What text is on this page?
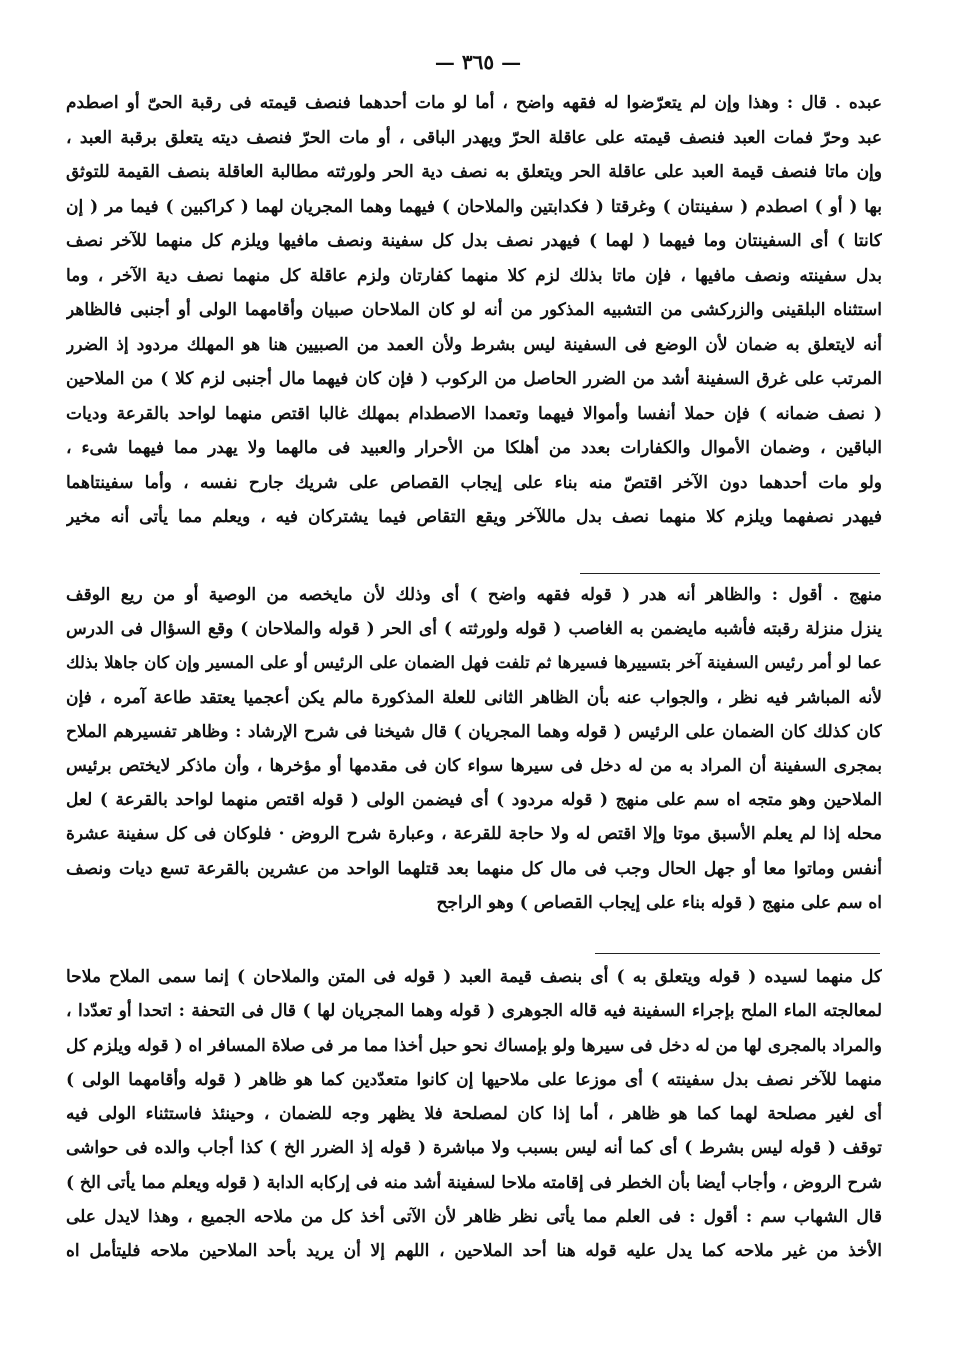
— ٣٦٥ —
عبده . قال : وهذا وإن لم يتعرّضوا له فقهه واضح ، أما لو مات أحدهما فنصف قيمته فى رقبة الحىّ أو اصطدم
عبد وحرّ فمات العبد فنصف قيمته على عاقلة الحرّ ويهدر الباقى ، أو مات الحرّ فنصف ديته يتعلق برقبة العبد ،
وإن ماتا فنصف قيمة العبد على عاقلة الحر ويتعلق به نصف دية الحر ولورثته مطالبة العاقلة بنصف القيمة للتوثق
بها ( أو ) اصطدم ( سفينتان ) وغرقتا ( فكدابتين والملاحان ) فيهما وهما المجريان لهما ( كراكبين ) فيما مر ( إن
كانتا ) أى السفينتان وما فيهما ( لهما ) فيهدر نصف بدل كل سفينة ونصف مافيها ويلزم كل منهما للآخر نصف
بدل سفينته ونصف مافيها ، فإن ماتا بذلك لزم كلا منهما كفارتان ولزم عاقلة كل منهما نصف دية الآخر ، وما
استثناه البلقينى والزركشى من التشبيه المذكور من أنه لو كان الملاحان صبيان وأقامهما الولى أو أجنبى فالظاهر
أنه لايتعلق به ضمان لأن الوضع فى السفينة ليس بشرط ولأن العمد من الصبيين هنا هو المهلك مردود إذ الضرر
المرتب على غرق السفينة أشد من الضرر الحاصل من الركوب ( فإن كان فيهما مال أجنبى لزم كلا ) من الملاحين
( نصف ضمانه ) فإن حملا أنفسا وأموالا فيهما وتعمدا الاصطدام بمهلك غالبا اقتص منهما لواحد بالقرعة وديات
الباقين ، وضمان الأموال والكفارات بعدد من أهلكا من الأحرار والعبيد فى مالهما ولا يهدر مما فيهما شىء ،
ولو مات أحدهما دون الآخر اقتصّ منه بناء على إيجاب القصاص على شريك جارح نفسه ، وأما سفينتاهما
فيهدر نصفهما ويلزم كلا منهما نصف بدل ماللآخر ويقع التقاص فيما يشتركان فيه ، ويعلم مما يأتى أنه مخير
منهج . أقول : والظاهر أنه هدر ( قوله فقهه واضح ) أى وذلك لأن مايخصه من الوصية أو من ريع الوقف
ينزل منزلة رقبته فأشبه مايضمن به الغاصب ( قوله ولورثته ) أى الحر ( قوله والملاحان ) وقع السؤال فى الدرس
عما لو أمر رئيس السفينة آخر بتسييرها فسيرها ثم تلفت فهل الضمان على الرئيس أو على المسير وإن كان جاهلا بذلك
لأنه المباشر فيه نظر ، والجواب عنه بأن الظاهر الثانى للعلة المذكورة مالم يكن أعجميا يعتقد طاعة آمره ، فإن
كان كذلك كان الضمان على الرئيس ( قوله وهما المجريان ) قال شيخنا فى شرح الإرشاد : وظاهر تفسيرهم الملاح
بمجرى السفينة أن المراد به من له دخل فى سيرها سواء كان فى مقدمها أو مؤخرها ، وأن ماذكر لايختص برئيس
الملاحين وهو متجه اه سم على منهج ( قوله مردود ) أى فيضمن الولى ( قوله اقتص منهما لواحد بالقرعة ) لعل
محله إذا لم يعلم الأسبق موتا وإلا اقتص له ولا حاجة للقرعة ، وعبارة شرح الروض · فلوكان فى كل سفينة عشرة
أنفس وماتوا معا أو جهل الحال وجب فى مال كل منهما بعد قتلهما الواحد من عشرين بالقرعة تسع ديات ونصف
اه سم على منهج ( قوله بناء على إيجاب القصاص ) وهو الراجح
كل منهما لسيده ( قوله ويتعلق به ) أى بنصف قيمة العبد ( قوله فى المتن والملاحان ) إنما سمى الملاح ملاحا
لمعالجته الماء الملح بإجراء السفينة فيه قاله الجوهرى ( قوله وهما المجريان لها ) قال فى التحفة : اتحدا أو تعدّدا ،
والمراد بالمجرى لها من له دخل فى سيرها ولو بإمساك نحو حبل أخذا مما مر فى صلاة المسافر اه ( قوله ويلزم كل
منهما للآخر نصف بدل سفينته ) أى موزعا على ملاحيها إن كانوا متعدّدين كما هو ظاهر ( قوله وأقامهما الولى )
أى لغير مصلحة لهما كما هو ظاهر ، أما إذا كان لمصلحة فلا يظهر وجه للضمان ، وحينئذ فاستثناء الولى فيه
توقف ( قوله ليس بشرط ) أى كما أنه ليس بسبب ولا مباشرة ( قوله إذ الضرر الخ ) كذا أجاب والده فى حواشى
شرح الروض ، وأجاب أيضا بأن الخطر فى إقامته ملاحا لسفينة أشد منه فى إركابه الدابة ( قوله ويعلم مما يأتى الخ )
قال الشهاب سم : أقول : فى العلم مما يأتى نظر ظاهر لأن الآتى أخذ كل من ملاحه الجميع ، وهذا لايدل على
الأخذ من غير ملاحه كما يدل عليه قوله هنا أحد الملاحين ، اللهم إلا أن يريد بأحد الملاحين ملاحه فليتأمل اه
